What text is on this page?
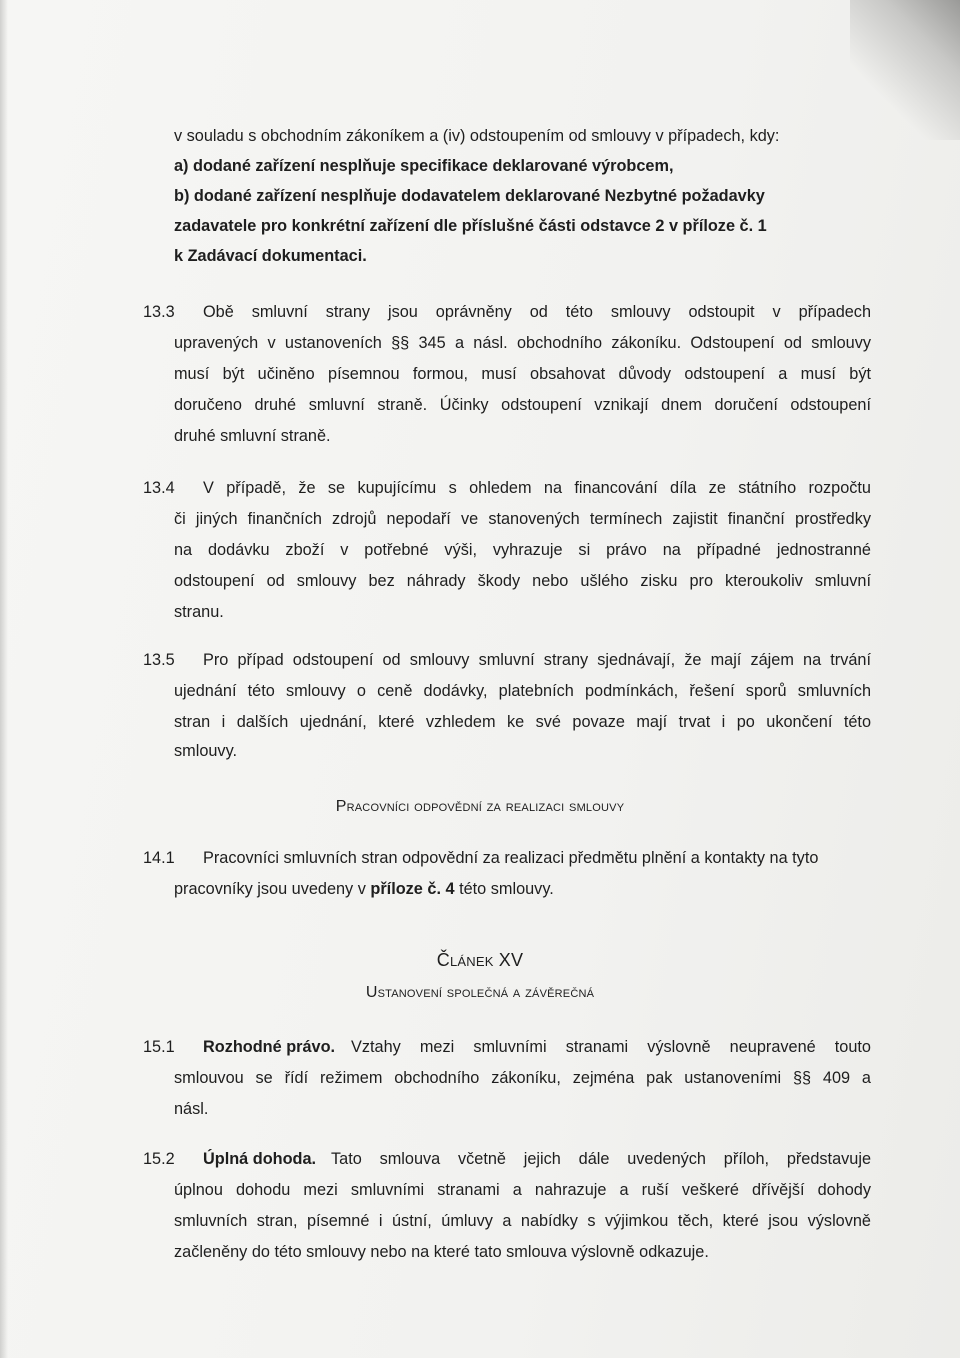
v souladu s obchodním zákoníkem a (iv) odstoupením od smlouvy v případech, kdy:
a) dodané zařízení nesplňuje specifikace deklarované výrobcem,
b) dodané zařízení nesplňuje dodavatelem deklarované Nezbytné požadavky
zadavatele pro konkrétní zařízení dle příslušné části odstavce 2 v příloze č. 1
k Zadávací dokumentaci.
13.3 Obě smluvní strany jsou oprávněny od této smlouvy odstoupit v případech
upravených v ustanoveních §§ 345 a násl. obchodního zákoníku. Odstoupení od smlouvy
musí být učiněno písemnou formou, musí obsahovat důvody odstoupení a musí být
doručeno druhé smluvní straně. Účinky odstoupení vznikají dnem doručení odstoupení
druhé smluvní straně.
13.4 V případě, že se kupujícímu s ohledem na financování díla ze státního rozpočtu
či jiných finančních zdrojů nepodaří ve stanovených termínech zajistit finanční prostředky
na dodávku zboží v potřebné výši, vyhrazuje si právo na případné jednostranné
odstoupení od smlouvy bez náhrady škody nebo ušlého zisku pro kteroukoliv smluvní
stranu.
13.5 Pro případ odstoupení od smlouvy smluvní strany sjednávají, že mají zájem na trvání
ujednání této smlouvy o ceně dodávky, platebních podmínkách, řešení sporů smluvních
stran i dalších ujednání, které vzhledem ke své povaze mají trvat i po ukončení této
smlouvy.
Pracovníci odpovědní za realizaci smlouvy
14.1 Pracovníci smluvních stran odpovědní za realizaci předmětu plnění a kontakty na tyto
pracovníky jsou uvedeny v příloze č. 4 této smlouvy.
Článek XV
Ustanovení společná a závěrečná
15.1 Rozhodné právo. Vztahy mezi smluvními stranami výslovně neupravené touto
smlouvou se řídí režimem obchodního zákoníku, zejména pak ustanoveními §§ 409 a
násl.
15.2 Úplná dohoda. Tato smlouva včetně jejich dále uvedených příloh, představuje
úplnou dohodu mezi smluvními stranami a nahrazuje a ruší veškeré dřívější dohody
smluvních stran, písemné i ústní, úmluvy a nabídky s výjimkou těch, které jsou výslovně
začleněny do této smlouvy nebo na které tato smlouva výslovně odkazuje.
